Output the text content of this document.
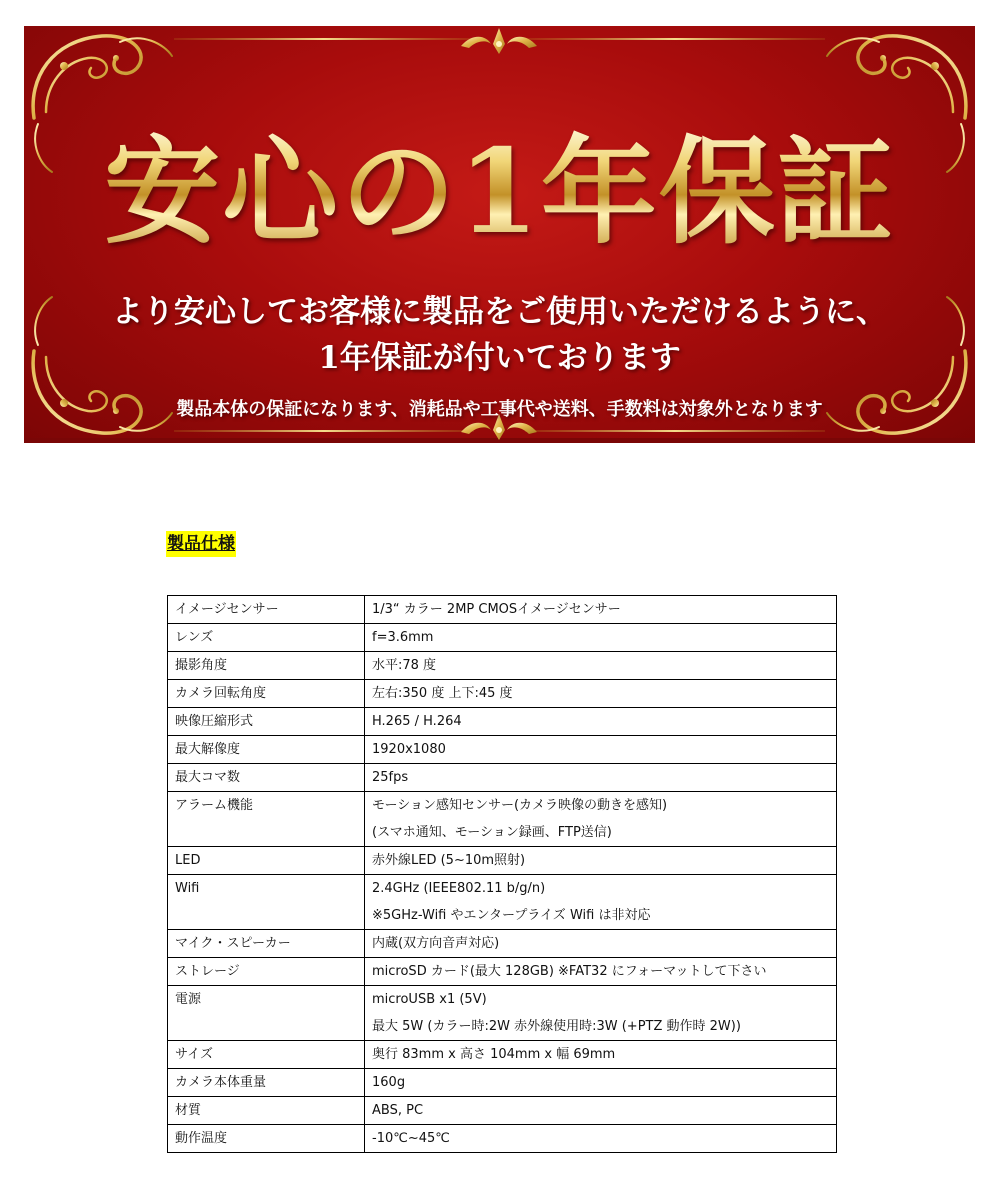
安心の1年保証
より安心してお客様に製品をご使用いただけるように、
1年保証が付いております
製品本体の保証になります、消耗品や工事代や送料、手数料は対象外となります
製品仕様
イメージセンサー	1/3“ カラー 2MP CMOSイメージセンサー

レンズ	f=3.6mm

撮影角度	水平:78 度

カメラ回転角度	左右:350 度 上下:45 度

映像圧縮形式	H.265 / H.264

最大解像度	1920x1080

最大コマ数	25fps

アラーム機能	モーション感知センサー(カメラ映像の動きを感知)
(スマホ通知、モーション録画、FTP送信)

LED	赤外線LED (5~10m照射)

Wifi	2.4GHz (IEEE802.11 b/g/n)
※5GHz-Wifi やエンタープライズ Wifi は非対応

マイク・スピーカー	内蔵(双方向音声対応)

ストレージ	microSD カード(最大 128GB) ※FAT32 にフォーマットして下さい

電源	microUSB x1 (5V)
最大 5W (カラー時:2W 赤外線使用時:3W (+PTZ 動作時 2W))

サイズ	奥行 83mm x 高さ 104mm x 幅 69mm

カメラ本体重量	160g

材質	ABS, PC

動作温度	-10℃~45℃
